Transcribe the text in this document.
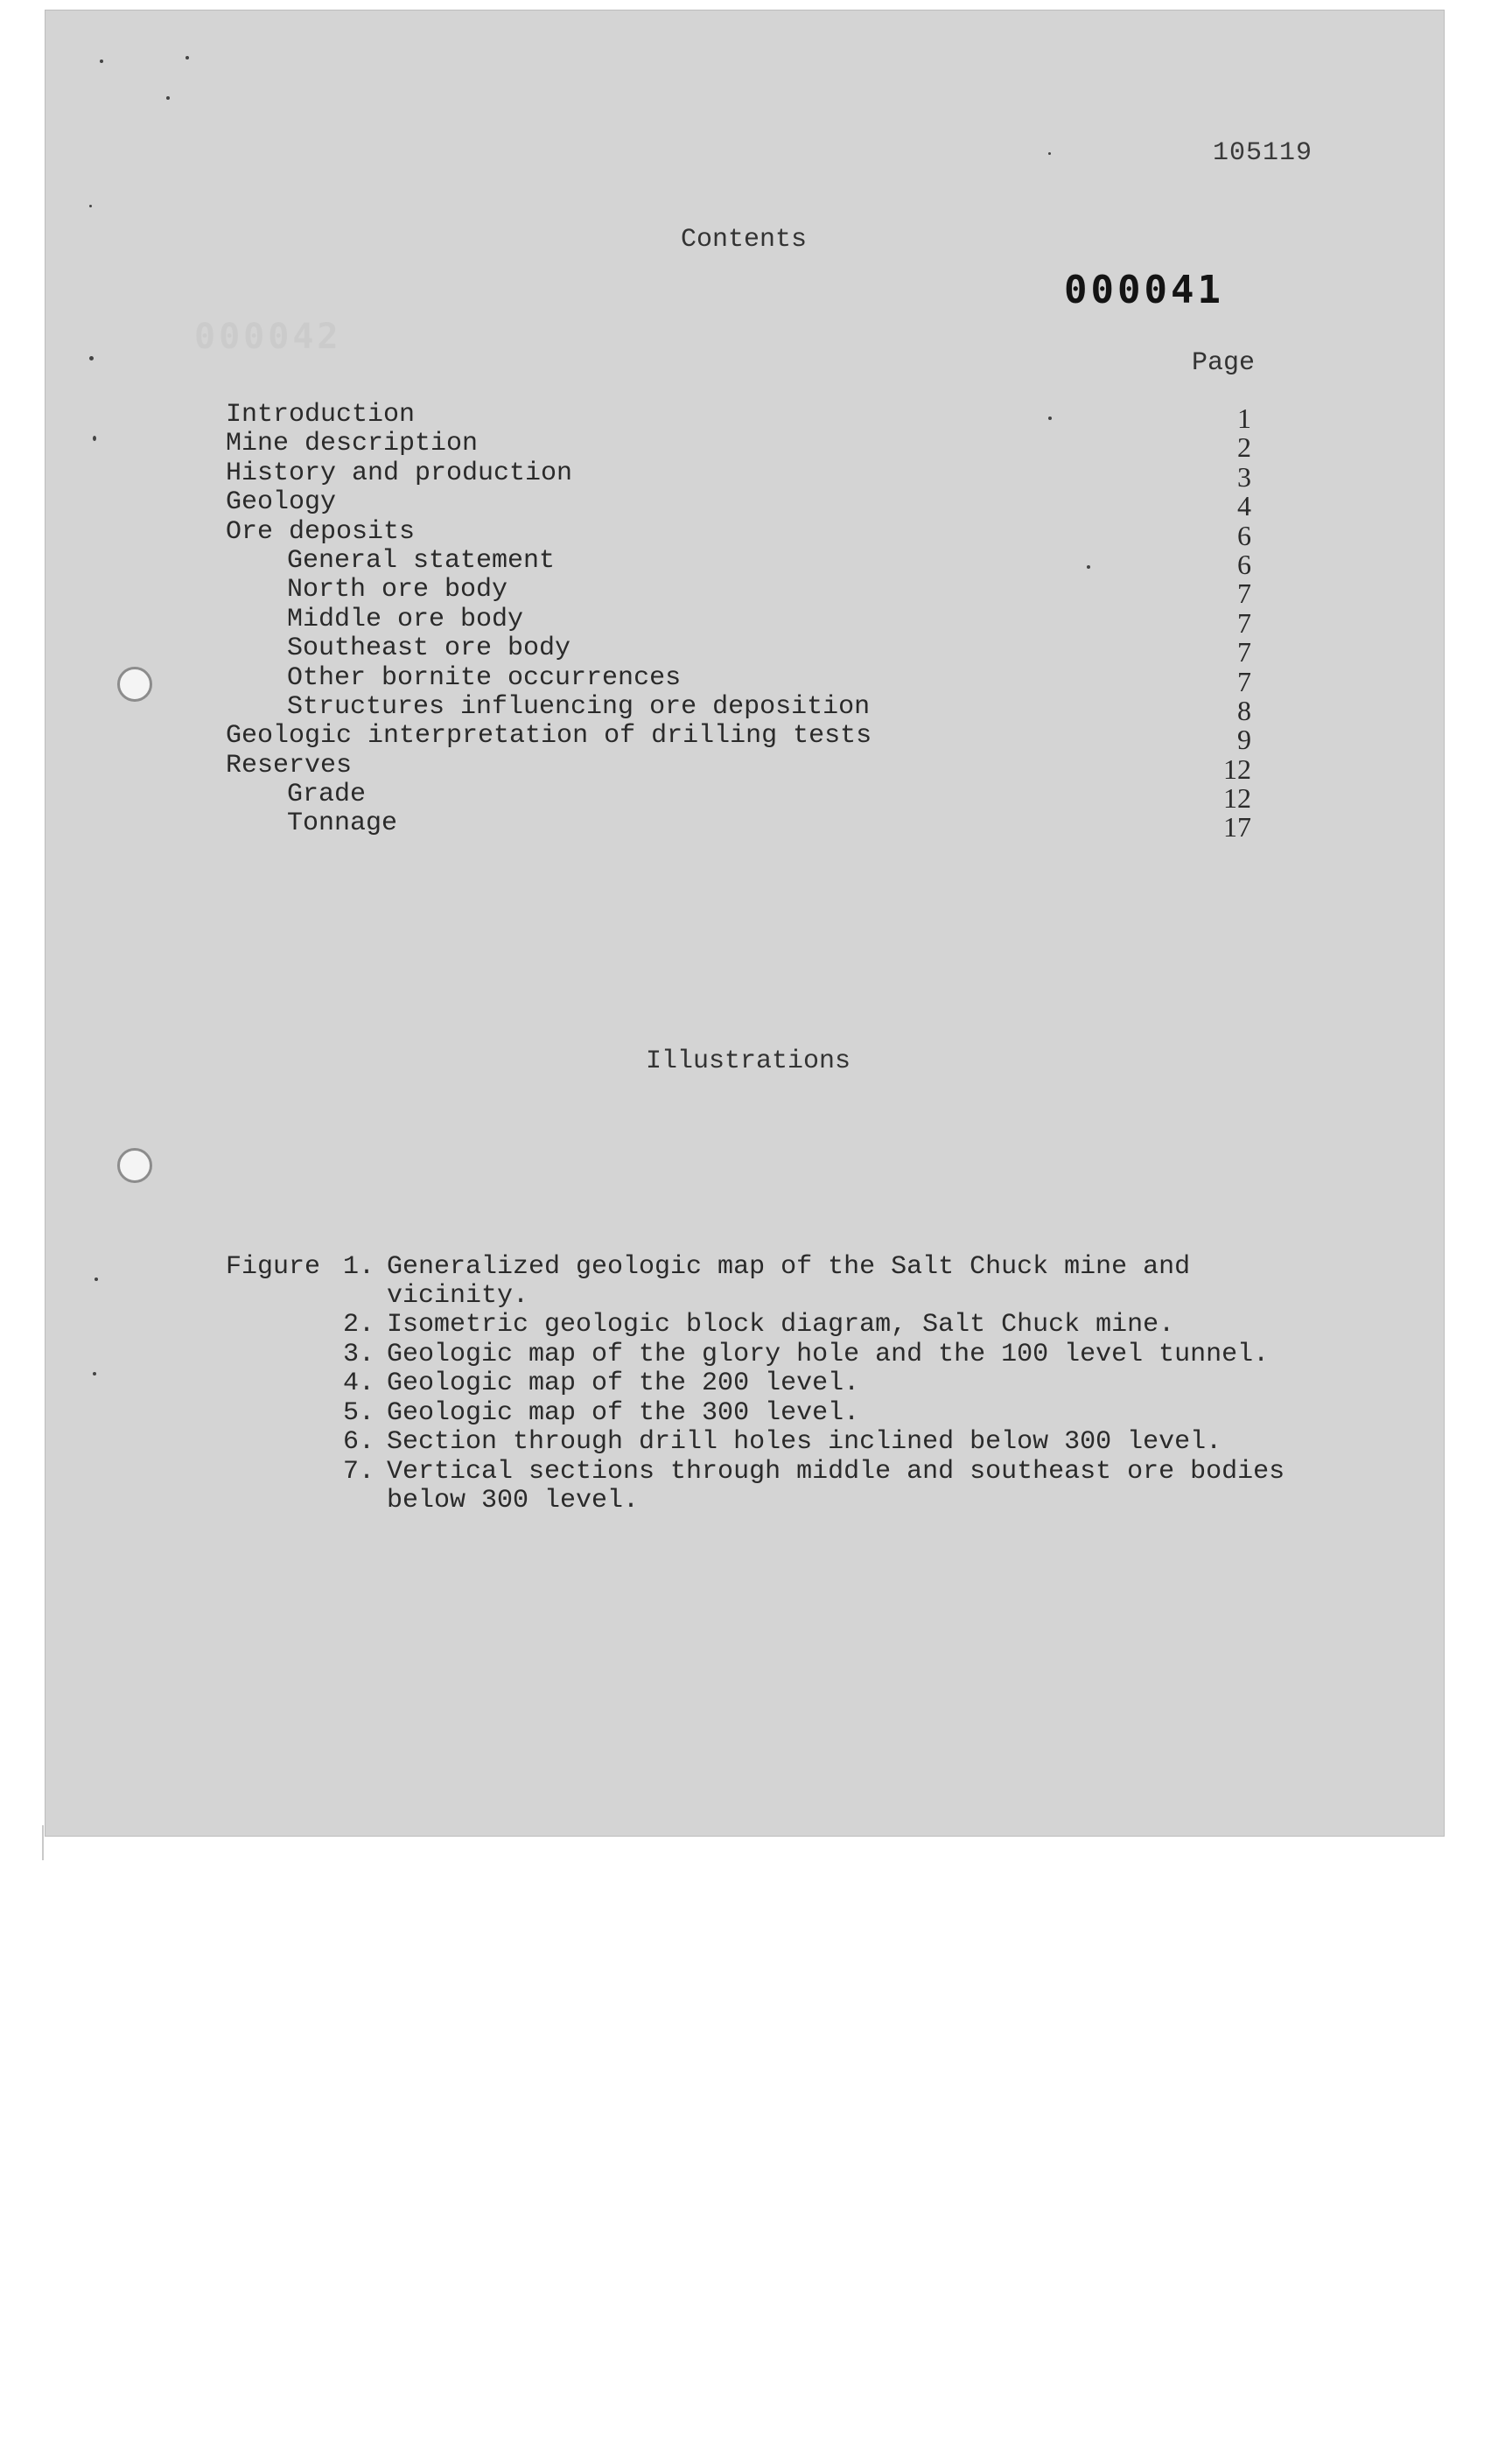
105119
Contents
000041
000042
Page
Introduction	1
Mine description	2
History and production	3
Geology	4
Ore deposits	6
General statement	6
North ore body	7
Middle ore body	7
Southeast ore body	7
Other bornite occurrences	7
Structures influencing ore deposition	8
Geologic interpretation of drilling tests	9
Reserves	12
Grade	12
Tonnage	17
Illustrations
Figure 1. Generalized geologic map of the Salt Chuck mine and vicinity.
2. Isometric geologic block diagram, Salt Chuck mine.
3. Geologic map of the glory hole and the 100 level tunnel.
4. Geologic map of the 200 level.
5. Geologic map of the 300 level.
6. Section through drill holes inclined below 300 level.
7. Vertical sections through middle and southeast ore bodies below 300 level.
